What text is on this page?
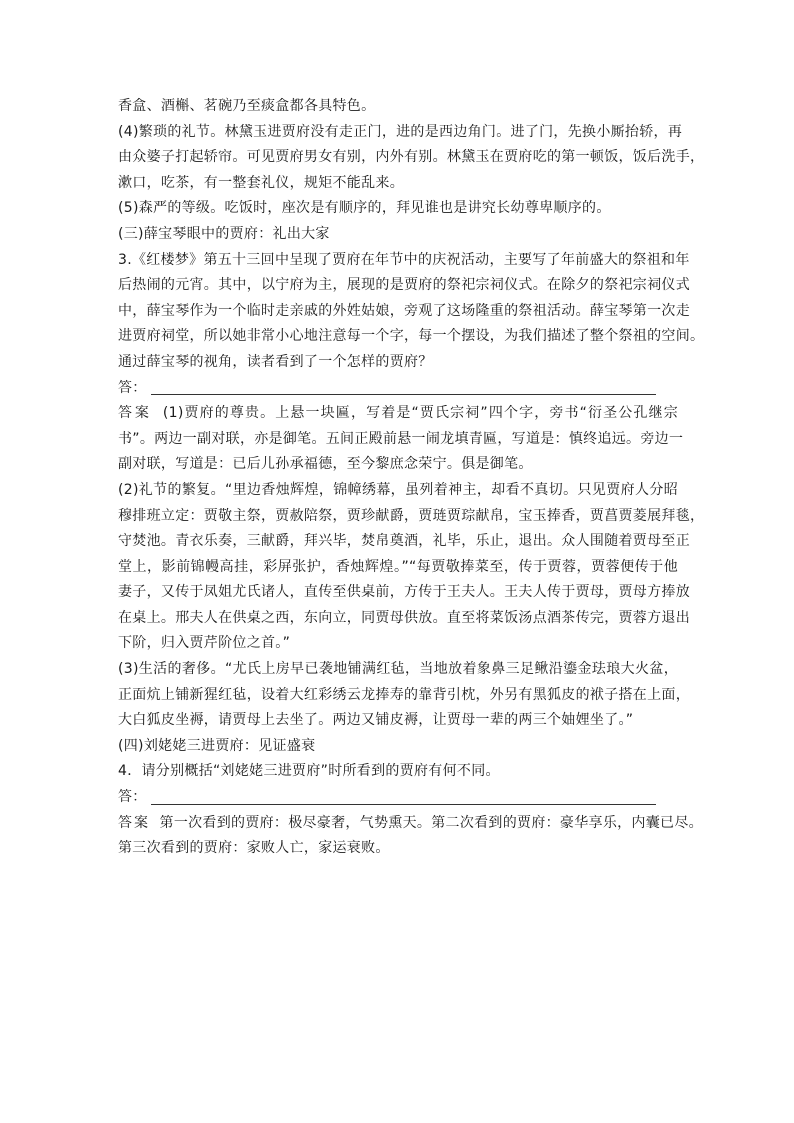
香盒、酒槲、茗碗乃至痰盒都各具特色。
(4)繁琐的礼节。林黛玉进贾府没有走正门，进的是西边角门。进了门，先换小厮抬轿，再
由众婆子打起轿帘。可见贾府男女有别，内外有别。林黛玉在贾府吃的第一顿饭，饭后洗手，
漱口，吃茶，有一整套礼仪，规矩不能乱来。
(5)森严的等级。吃饭时，座次是有顺序的，拜见谁也是讲究长幼尊卑顺序的。
(三)薛宝琴眼中的贾府：礼出大家
3.《红楼梦》第五十三回中呈现了贾府在年节中的庆祝活动，主要写了年前盛大的祭祖和年
后热闹的元宵。其中，以宁府为主，展现的是贾府的祭祀宗祠仪式。在除夕的祭祀宗祠仪式
中，薛宝琴作为一个临时走亲戚的外姓姑娘，旁观了这场隆重的祭祖活动。薛宝琴第一次走
进贾府祠堂，所以她非常小心地注意每一个字，每一个摆设，为我们描述了整个祭祖的空间。
通过薛宝琴的视角，读者看到了一个怎样的贾府？
答：
答案 (1)贾府的尊贵。上悬一块匾，写着是“贾氏宗祠”四个字，旁书“衍圣公孔继宗
书”。两边一副对联，亦是御笔。五间正殿前悬一闹龙填青匾，写道是：慎终追远。旁边一
副对联，写道是：已后儿孙承福德，至今黎庶念荣宁。俱是御笔。
(2)礼节的繁复。“里边香烛辉煌，锦幛绣幕，虽列着神主，却看不真切。只见贾府人分昭
穆排班立定：贾敬主祭，贾赦陪祭，贾珍献爵，贾琏贾琮献帛，宝玉捧香，贾菖贾菱展拜毯，
守焚池。青衣乐奏，三献爵，拜兴毕，焚帛奠酒，礼毕，乐止，退出。众人围随着贾母至正
堂上，影前锦幔高挂，彩屏张护，香烛辉煌。”“每贾敬捧菜至，传于贾蓉，贾蓉便传于他
妻子，又传于凤姐尤氏诸人，直传至供桌前，方传于王夫人。王夫人传于贾母，贾母方捧放
在桌上。邢夫人在供桌之西，东向立，同贾母供放。直至将菜饭汤点酒茶传完，贾蓉方退出
下阶，归入贾芹阶位之首。”
(3)生活的奢侈。“尤氏上房早已袭地铺满红毡，当地放着象鼻三足鳅沿鎏金珐琅大火盆，
正面炕上铺新猩红毡，设着大红彩绣云龙捧寿的靠背引枕，外另有黑狐皮的袱子搭在上面，
大白狐皮坐褥，请贾母上去坐了。两边又铺皮褥，让贾母一辈的两三个妯娌坐了。”
(四)刘姥姥三进贾府：见证盛衰
4．请分别概括“刘姥姥三进贾府”时所看到的贾府有何不同。
答：
答案 第一次看到的贾府：极尽豪奢，气势熏天。第二次看到的贾府：豪华享乐，内囊已尽。
第三次看到的贾府：家败人亡，家运衰败。
